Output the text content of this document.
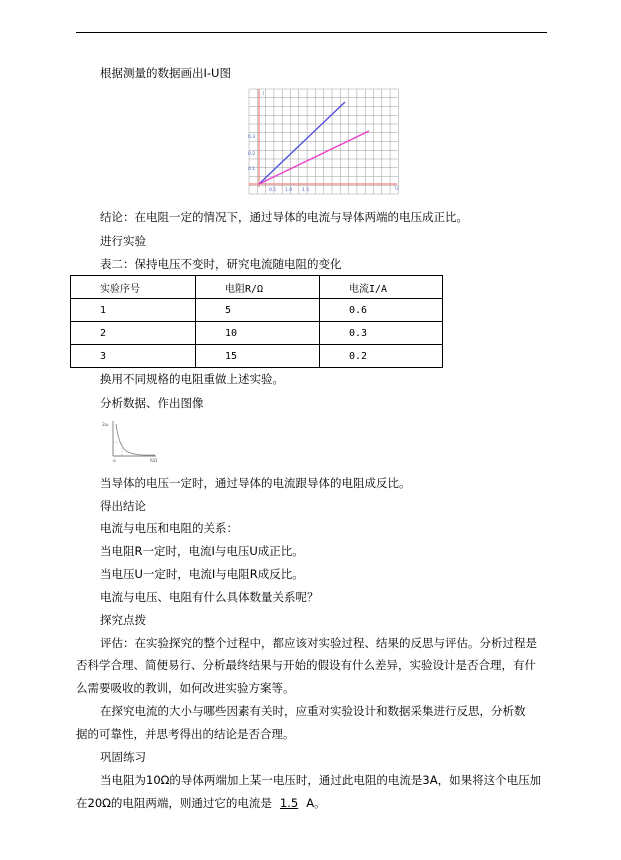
根据测量的数据画出I-U图
I
U
0.3
0.2
0.1
0.5 1.0 1.5
结论：在电阻一定的情况下，通过导体的电流与导体两端的电压成正比。
进行实验
表二：保持电压不变时，研究电流随电阻的变化
实验序号	电阻R/Ω	电流I/A
1	5	0.6
2	10	0.3
3	15	0.2
换用不同规格的电阻重做上述实验。
分析数据、作出图像
2ω
o	R/Ω
当导体的电压一定时，通过导体的电流跟导体的电阻成反比。
得出结论
电流与电压和电阻的关系：
当电阻R一定时，电流I与电压U成正比。
当电压U一定时，电流I与电阻R成反比。
电流与电压、电阻有什么具体数量关系呢？
探究点拨
评估：在实验探究的整个过程中，都应该对实验过程、结果的反思与评估。分析过程是
否科学合理、简便易行、分析最终结果与开始的假设有什么差异，实验设计是否合理，有什
么需要吸收的教训，如何改进实验方案等。
在探究电流的大小与哪些因素有关时，应重对实验设计和数据采集进行反思，分析数
据的可靠性，并思考得出的结论是否合理。
巩固练习
当电阻为10Ω的导体两端加上某一电压时，通过此电阻的电流是3A，如果将这个电压加
在20Ω的电阻两端，则通过它的电流是 1.5 A。
